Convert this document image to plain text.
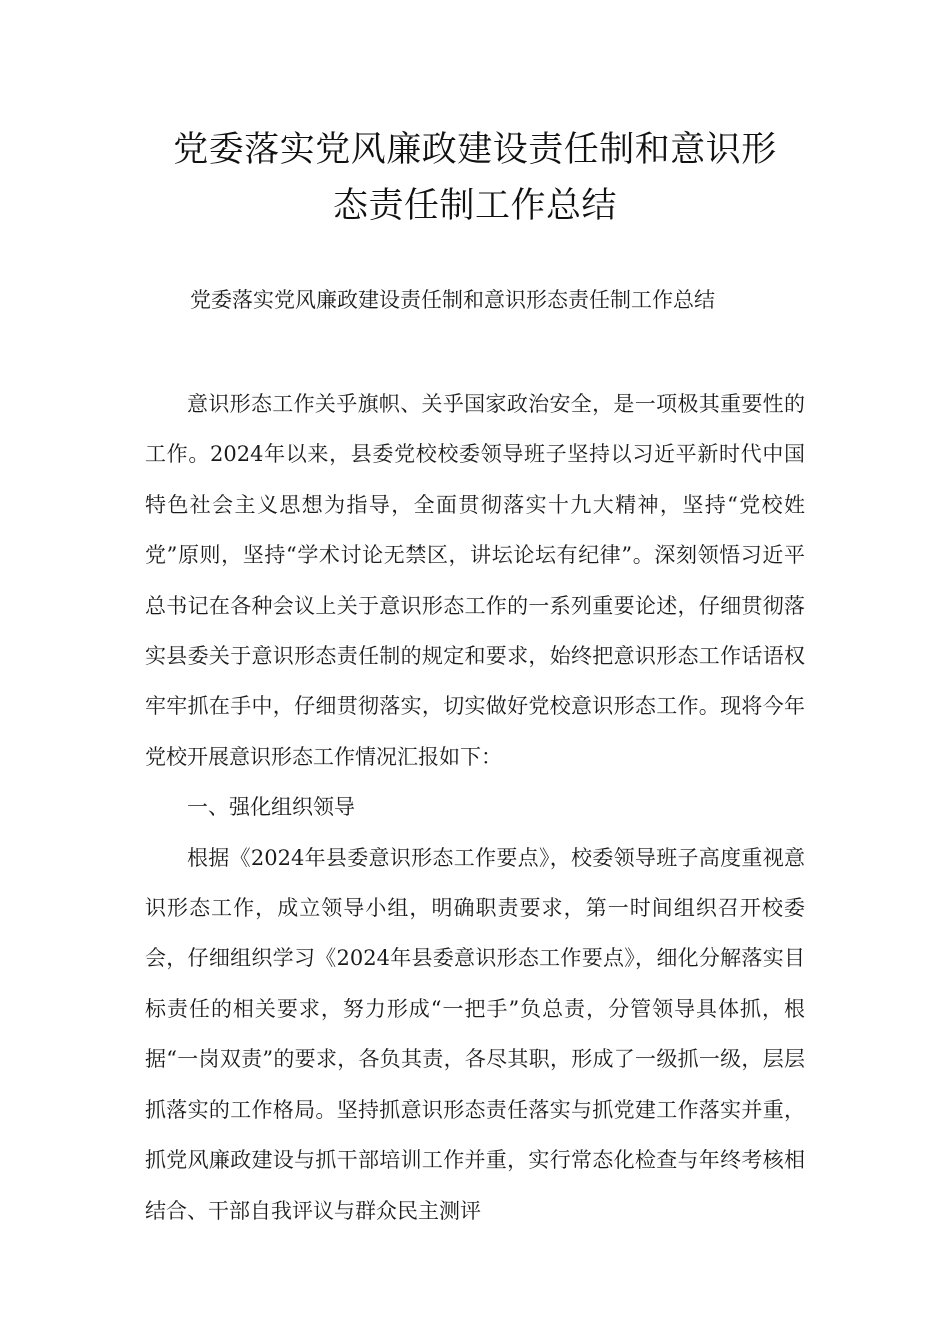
党委落实党风廉政建设责任制和意识形
态责任制工作总结

党委落实党风廉政建设责任制和意识形态责任制工作总结

意识形态工作关乎旗帜、关乎国家政治安全，是一项极其重要性的工作。2024年以来，县委党校校委领导班子坚持以习近平新时代中国特色社会主义思想为指导，全面贯彻落实十九大精神，坚持“党校姓党”原则，坚持“学术讨论无禁区，讲坛论坛有纪律”。深刻领悟习近平总书记在各种会议上关于意识形态工作的一系列重要论述，仔细贯彻落实县委关于意识形态责任制的规定和要求，始终把意识形态工作话语权牢牢抓在手中，仔细贯彻落实，切实做好党校意识形态工作。现将今年党校开展意识形态工作情况汇报如下：

一、强化组织领导

根据《2024年县委意识形态工作要点》，校委领导班子高度重视意识形态工作，成立领导小组，明确职责要求，第一时间组织召开校委会，仔细组织学习《2024年县委意识形态工作要点》，细化分解落实目标责任的相关要求，努力形成“一把手”负总责，分管领导具体抓，根据“一岗双责”的要求，各负其责，各尽其职，形成了一级抓一级，层层抓落实的工作格局。坚持抓意识形态责任落实与抓党建工作落实并重，抓党风廉政建设与抓干部培训工作并重，实行常态化检查与年终考核相结合、干部自我评议与群众民主测评
